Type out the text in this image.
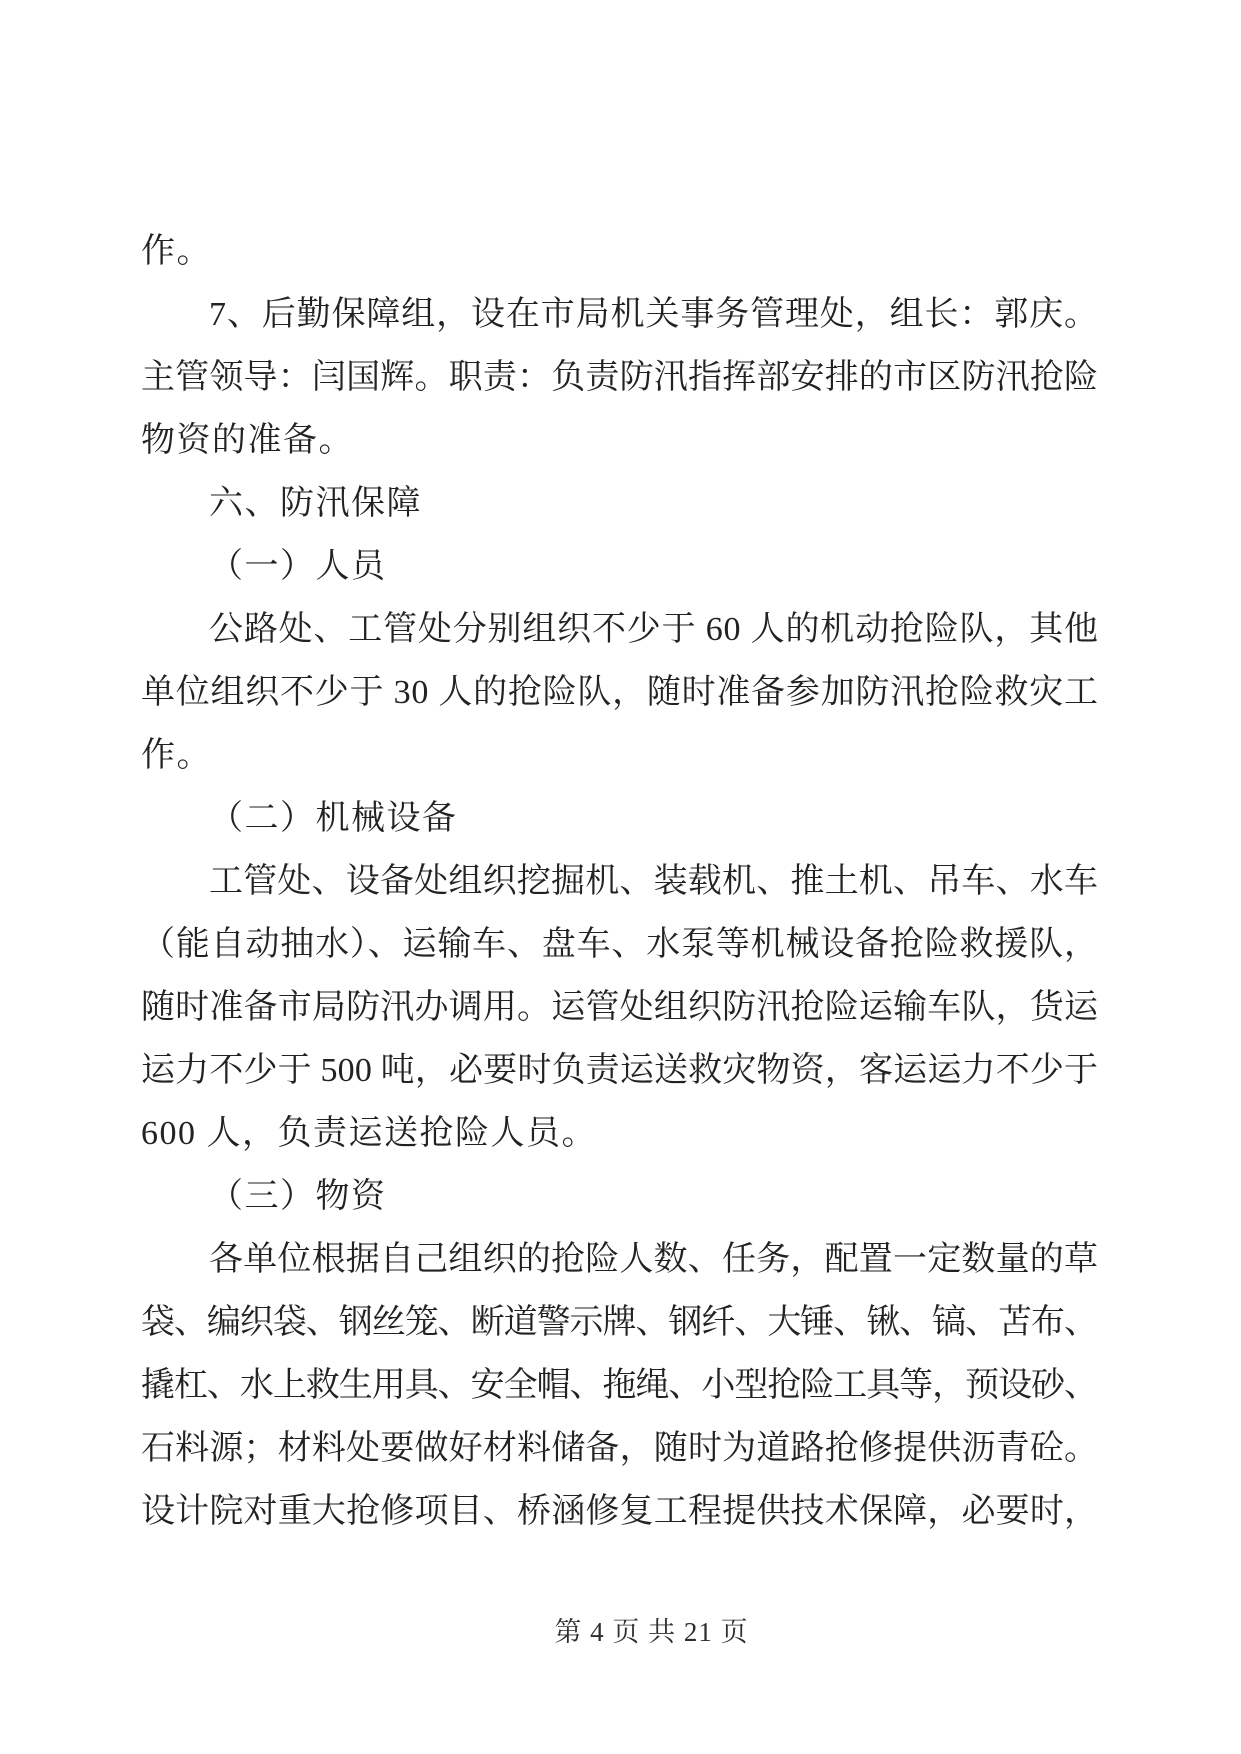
作。
7、后勤保障组，设在市局机关事务管理处，组长：郭庆。
主管领导：闫国辉。职责：负责防汛指挥部安排的市区防汛抢险
物资的准备。
六、防汛保障
（一）人员
公路处、工管处分别组织不少于 60 人的机动抢险队，其他
单位组织不少于 30 人的抢险队，随时准备参加防汛抢险救灾工
作。
（二）机械设备
工管处、设备处组织挖掘机、装载机、推土机、吊车、水车
（能自动抽水）、运输车、盘车、水泵等机械设备抢险救援队，
随时准备市局防汛办调用。运管处组织防汛抢险运输车队，货运
运力不少于 500 吨，必要时负责运送救灾物资，客运运力不少于
600 人，负责运送抢险人员。
（三）物资
各单位根据自己组织的抢险人数、任务，配置一定数量的草
袋、编织袋、钢丝笼、断道警示牌、钢纤、大锤、锹、镐、苫布、
撬杠、水上救生用具、安全帽、拖绳、小型抢险工具等，预设砂、
石料源；材料处要做好材料储备，随时为道路抢修提供沥青砼。
设计院对重大抢修项目、桥涵修复工程提供技术保障，必要时，
第 4 页 共 21 页
